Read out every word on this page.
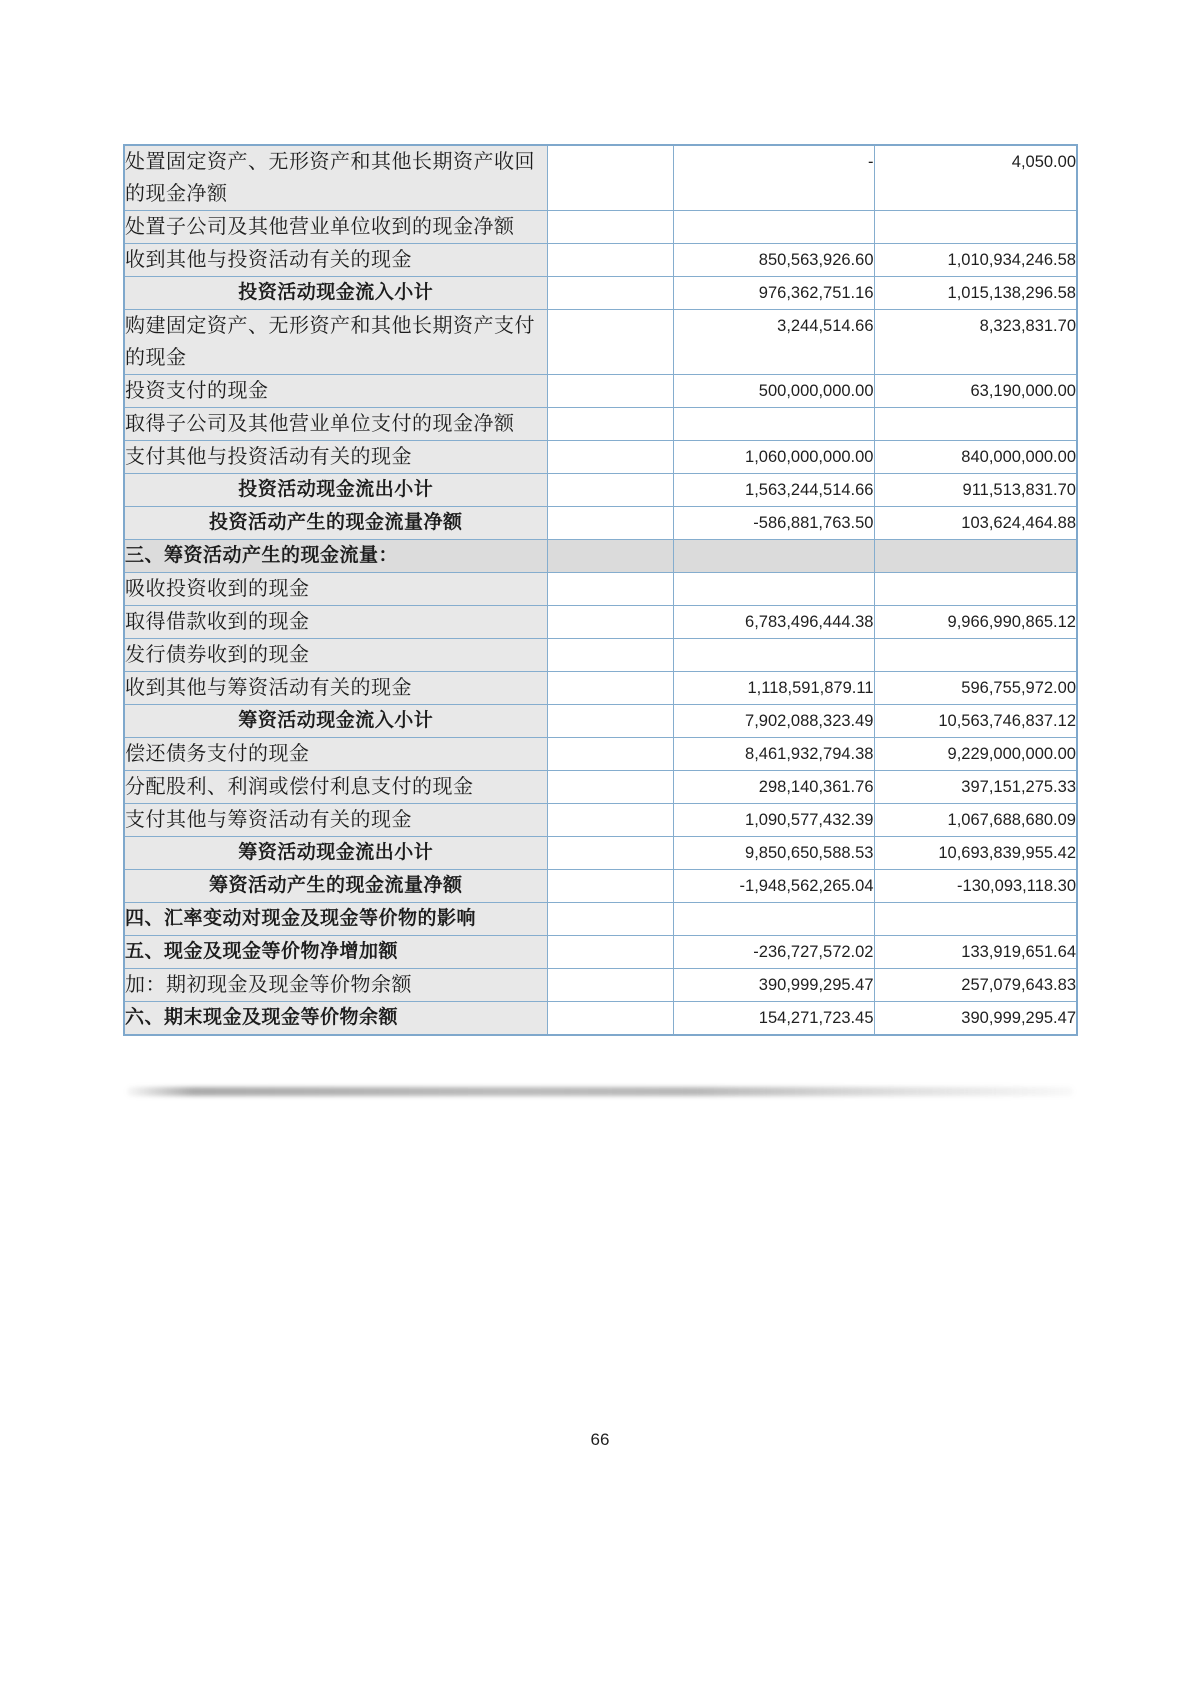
处置固定资产、无形资产和其他长期资产收回的现金净额		-	4,050.00
处置子公司及其他营业单位收到的现金净额			
收到其他与投资活动有关的现金		850,563,926.60	1,010,934,246.58
投资活动现金流入小计		976,362,751.16	1,015,138,296.58
购建固定资产、无形资产和其他长期资产支付的现金		3,244,514.66	8,323,831.70
投资支付的现金		500,000,000.00	63,190,000.00
取得子公司及其他营业单位支付的现金净额			
支付其他与投资活动有关的现金		1,060,000,000.00	840,000,000.00
投资活动现金流出小计		1,563,244,514.66	911,513,831.70
投资活动产生的现金流量净额		-586,881,763.50	103,624,464.88
三、筹资活动产生的现金流量：			
吸收投资收到的现金			
取得借款收到的现金		6,783,496,444.38	9,966,990,865.12
发行债券收到的现金			
收到其他与筹资活动有关的现金		1,118,591,879.11	596,755,972.00
筹资活动现金流入小计		7,902,088,323.49	10,563,746,837.12
偿还债务支付的现金		8,461,932,794.38	9,229,000,000.00
分配股利、利润或偿付利息支付的现金		298,140,361.76	397,151,275.33
支付其他与筹资活动有关的现金		1,090,577,432.39	1,067,688,680.09
筹资活动现金流出小计		9,850,650,588.53	10,693,839,955.42
筹资活动产生的现金流量净额		-1,948,562,265.04	-130,093,118.30
四、汇率变动对现金及现金等价物的影响			
五、现金及现金等价物净增加额		-236,727,572.02	133,919,651.64
加：期初现金及现金等价物余额		390,999,295.47	257,079,643.83
六、期末现金及现金等价物余额		154,271,723.45	390,999,295.47
66
